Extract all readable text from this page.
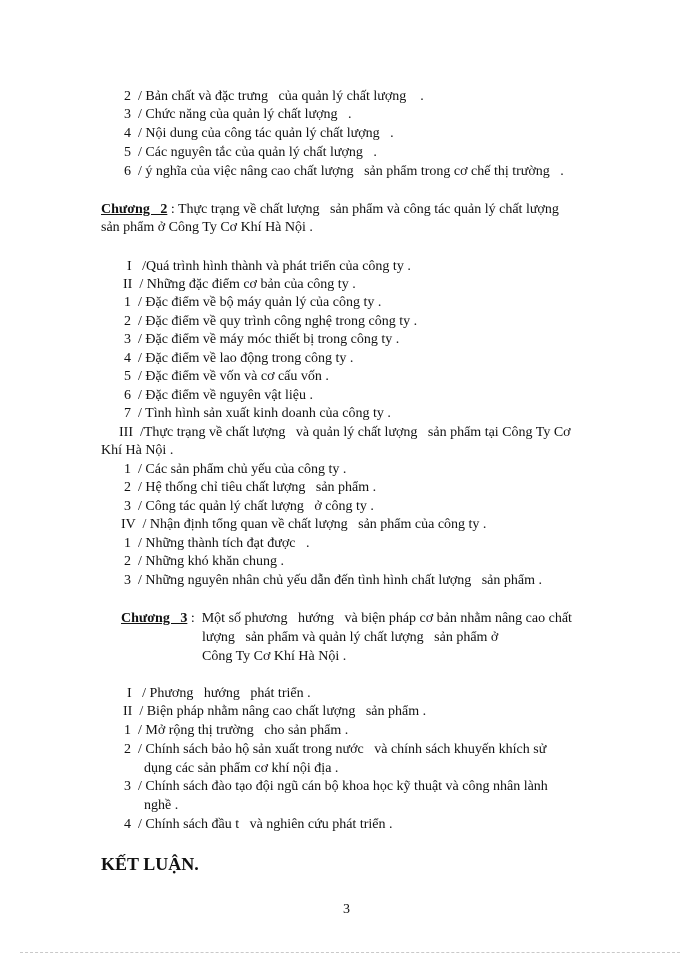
2  / Bản chất và đặc trưng   của quản lý chất lượng    .
3  / Chức năng của quản lý chất lượng   .
4  / Nội dung của công tác quản lý chất lượng   .
5  / Các nguyên tắc của quản lý chất lượng   .
6  / ý nghĩa của việc nâng cao chất lượng   sản phẩm trong cơ chế thị trường   .
Chương   2 : Thực trạng về chất lượng   sản phẩm và công tác quản lý chất lượng
sản phẩm ở Công Ty Cơ Khí Hà Nội .
I   /Quá trình hình thành và phát triển của công ty .
II  / Những đặc điểm cơ bản của công ty .
1  / Đặc điểm về bộ máy quản lý của công ty .
2  / Đặc điểm về quy trình công nghệ trong công ty .
3  / Đặc điểm về máy móc thiết bị trong công ty .
4  / Đặc điểm về lao động trong công ty .
5  / Đặc điểm về vốn và cơ cấu vốn .
6  / Đặc điểm về nguyên vật liệu .
7  / Tình hình sản xuất kinh doanh của công ty .
III  /Thực trạng về chất lượng   và quản lý chất lượng   sản phẩm tại Công Ty Cơ
Khí Hà Nội .
1  / Các sản phẩm chủ yếu của công ty .
2  / Hệ thống chỉ tiêu chất lượng   sản phẩm .
3  / Công tác quản lý chất lượng   ở công ty .
IV  / Nhận định tổng quan về chất lượng   sản phẩm của công ty .
1  / Những thành tích đạt được   .
2  / Những khó khăn chung .
3  / Những nguyên nhân chủ yếu dẫn đến tình hình chất lượng   sản phẩm .
Chương   3 :  Một số phương   hướng   và biện pháp cơ bản nhằm nâng cao chất
lượng   sản phẩm và quản lý chất lượng   sản phẩm ở
Công Ty Cơ Khí Hà Nội .
I   / Phương   hướng   phát triển .
II  / Biện pháp nhằm nâng cao chất lượng   sản phẩm .
1  / Mở rộng thị trường   cho sản phẩm .
2  / Chính sách bảo hộ sản xuất trong nước   và chính sách khuyến khích sử
dụng các sản phẩm cơ khí nội địa .
3  / Chính sách đào tạo đội ngũ cán bộ khoa học kỹ thuật và công nhân lành
nghề .
4  / Chính sách đầu t   và nghiên cứu phát triển .
KẾT LUẬN.
3
